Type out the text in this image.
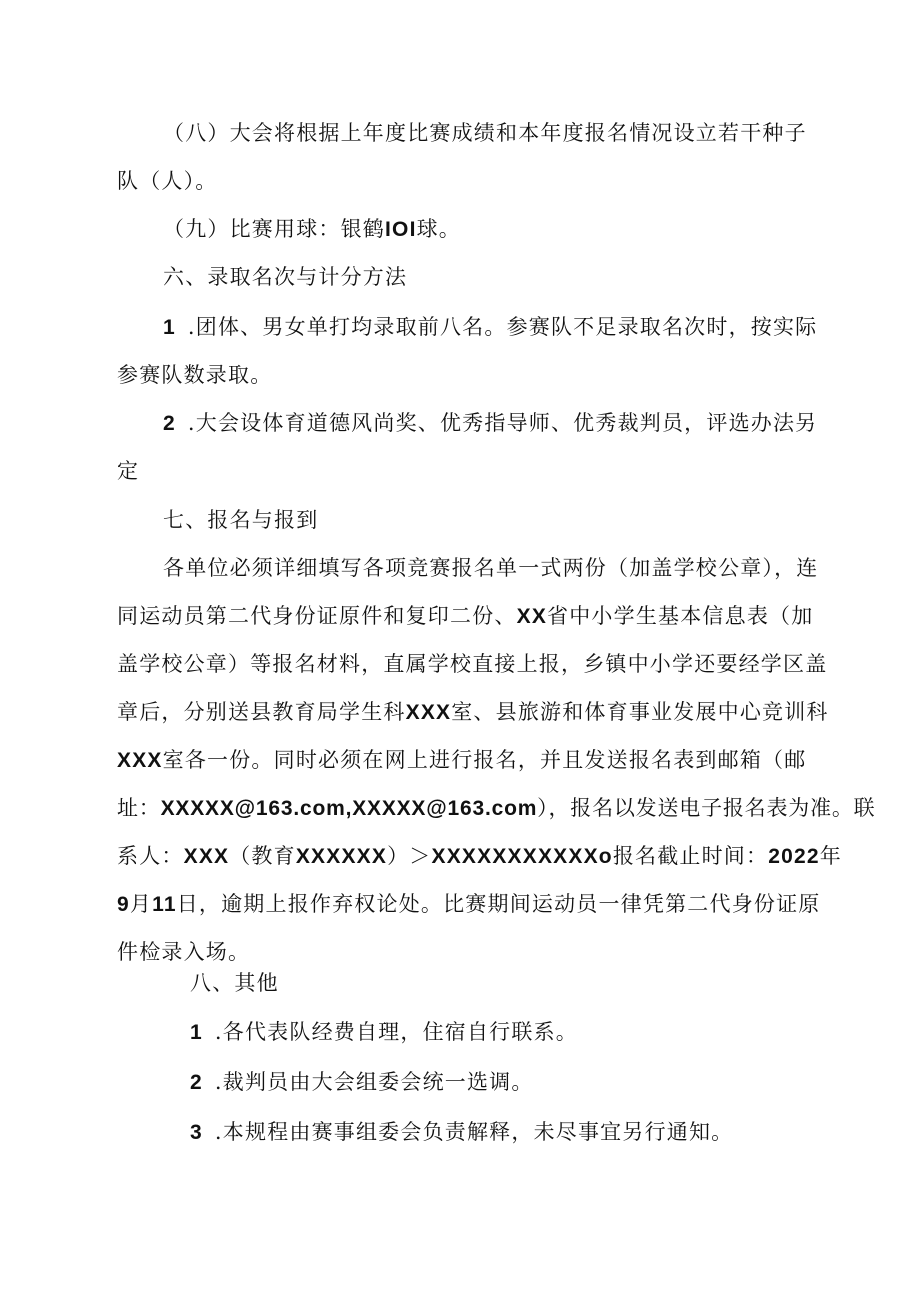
（八）大会将根据上年度比赛成绩和本年度报名情况设立若干种子
队（人）。
（九）比赛用球：银鹤IOI球。
六、录取名次与计分方法
1 .团体、男女单打均录取前八名。参赛队不足录取名次时，按实际
参赛队数录取。
2 .大会设体育道德风尚奖、优秀指导师、优秀裁判员，评选办法另
定
七、报名与报到
各单位必须详细填写各项竞赛报名单一式两份（加盖学校公章），连
同运动员第二代身份证原件和复印二份、XX省中小学生基本信息表（加
盖学校公章）等报名材料，直属学校直接上报，乡镇中小学还要经学区盖
章后，分别送县教育局学生科XXX室、县旅游和体育事业发展中心竞训科
XXX室各一份。同时必须在网上进行报名，并且发送报名表到邮箱（邮
址：XXXXX@163.com,XXXXX@163.com），报名以发送电子报名表为准。联
系人：XXX（教育XXXXXX）＞XXXXXXXXXXXo报名截止时间：2022年
9月11日，逾期上报作弃权论处。比赛期间运动员一律凭第二代身份证原
件检录入场。
八、其他
1 .各代表队经费自理，住宿自行联系。
2 .裁判员由大会组委会统一选调。
3 .本规程由赛事组委会负责解释，未尽事宜另行通知。
